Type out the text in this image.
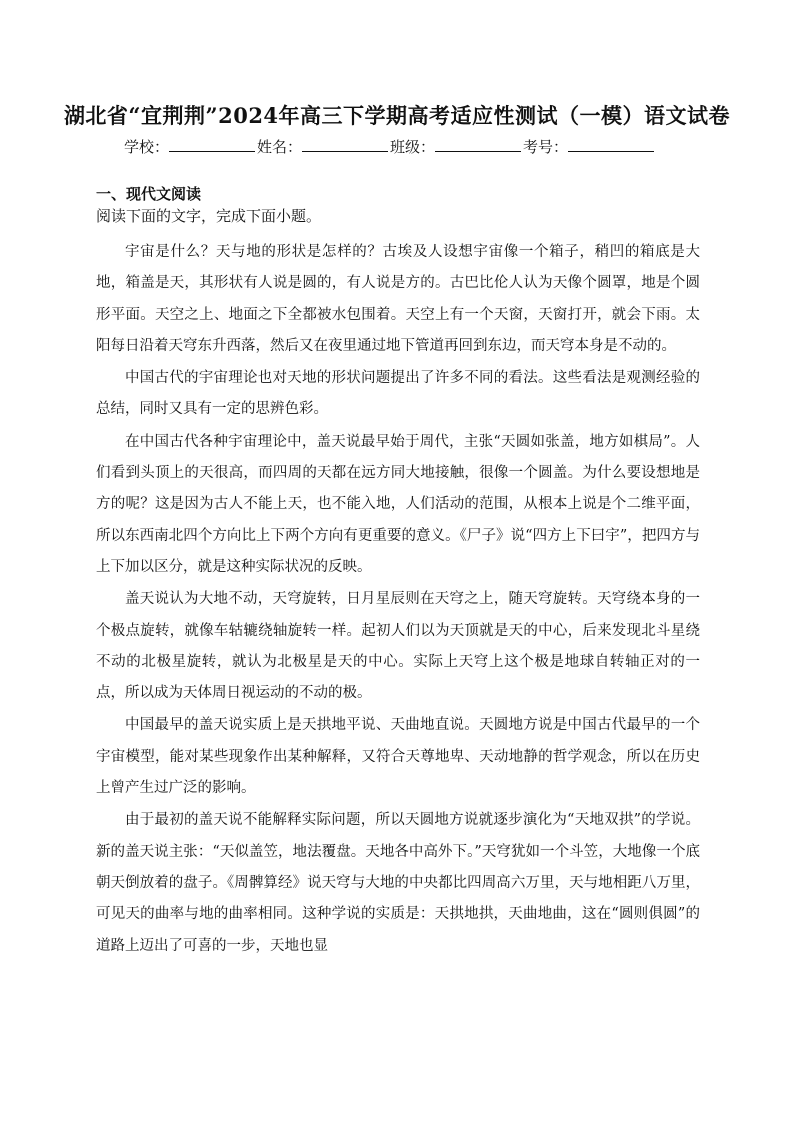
湖北省“宜荆荆”2024年高三下学期高考适应性测试（一模）语文试卷
学校：	姓名：	班级：	考号：
一、现代文阅读
阅读下面的文字，完成下面小题。

宇宙是什么？天与地的形状是怎样的？古埃及人设想宇宙像一个箱子，稍凹的箱底是大地，箱盖是天，其形状有人说是圆的，有人说是方的。古巴比伦人认为天像个圆罩，地是个圆形平面。天空之上、地面之下全都被水包围着。天空上有一个天窗，天窗打开，就会下雨。太阳每日沿着天穹东升西落，然后又在夜里通过地下管道再回到东边，而天穹本身是不动的。

中国古代的宇宙理论也对天地的形状问题提出了许多不同的看法。这些看法是观测经验的总结，同时又具有一定的思辨色彩。

在中国古代各种宇宙理论中，盖天说最早始于周代，主张“天圆如张盖，地方如棋局”。人们看到头顶上的天很高，而四周的天都在远方同大地接触，很像一个圆盖。为什么要设想地是方的呢？这是因为古人不能上天，也不能入地，人们活动的范围，从根本上说是个二维平面，所以东西南北四个方向比上下两个方向有更重要的意义。《尸子》说“四方上下曰宇”，把四方与上下加以区分，就是这种实际状况的反映。

盖天说认为大地不动，天穹旋转，日月星辰则在天穹之上，随天穹旋转。天穹绕本身的一个极点旋转，就像车轱辘绕轴旋转一样。起初人们以为天顶就是天的中心，后来发现北斗星绕不动的北极星旋转，就认为北极星是天的中心。实际上天穹上这个极是地球自转轴正对的一点，所以成为天体周日视运动的不动的极。

中国最早的盖天说实质上是天拱地平说、天曲地直说。天圆地方说是中国古代最早的一个宇宙模型，能对某些现象作出某种解释，又符合天尊地卑、天动地静的哲学观念，所以在历史上曾产生过广泛的影响。

由于最初的盖天说不能解释实际问题，所以天圆地方说就逐步演化为“天地双拱”的学说。新的盖天说主张：“天似盖笠，地法覆盘。天地各中高外下。”天穹犹如一个斗笠，大地像一个底朝天倒放着的盘子。《周髀算经》说天穹与大地的中央都比四周高六万里，天与地相距八万里，可见天的曲率与地的曲率相同。这种学说的实质是：天拱地拱，天曲地曲，这在“圆则俱圆”的道路上迈出了可喜的一步，天地也显
